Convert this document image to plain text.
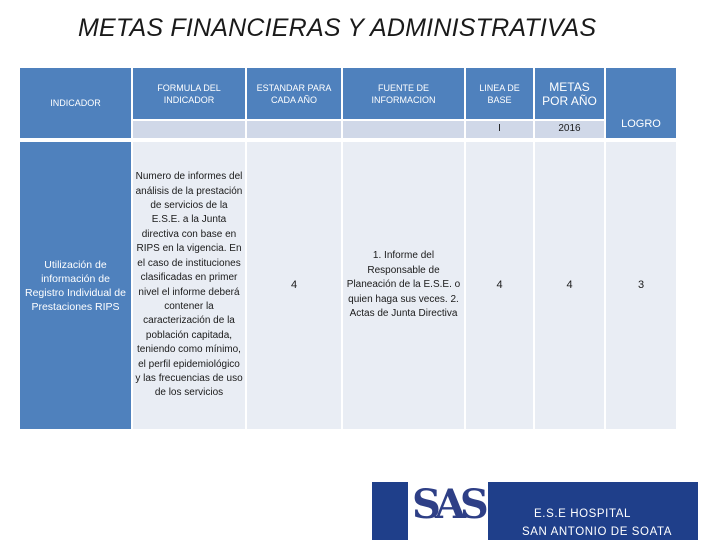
METAS FINANCIERAS Y ADMINISTRATIVAS
INDICADOR	FORMULA DEL INDICADOR	ESTANDAR PARA CADA AÑO	FUENTE DE INFORMACION	LINEA DE BASE	METAS POR AÑO	LOGRO
				I	2016	

Utilización de información de Registro Individual de Prestaciones RIPS	Numero de informes del análisis de la prestación de servicios de la E.S.E. a la Junta directiva con base en RIPS en la vigencia. En el caso de instituciones clasificadas en primer nivel el informe deberá contener la caracterización de la población capitada, teniendo como mínimo, el perfil epidemiológico y las frecuencias de uso de los servicios	4	1. Informe del Responsable de Planeación de la E.S.E. o quien haga sus veces. 2. Actas de Junta Directiva	4	4	3
SAS	E.S.E HOSPITAL
SAN ANTONIO DE SOATA
